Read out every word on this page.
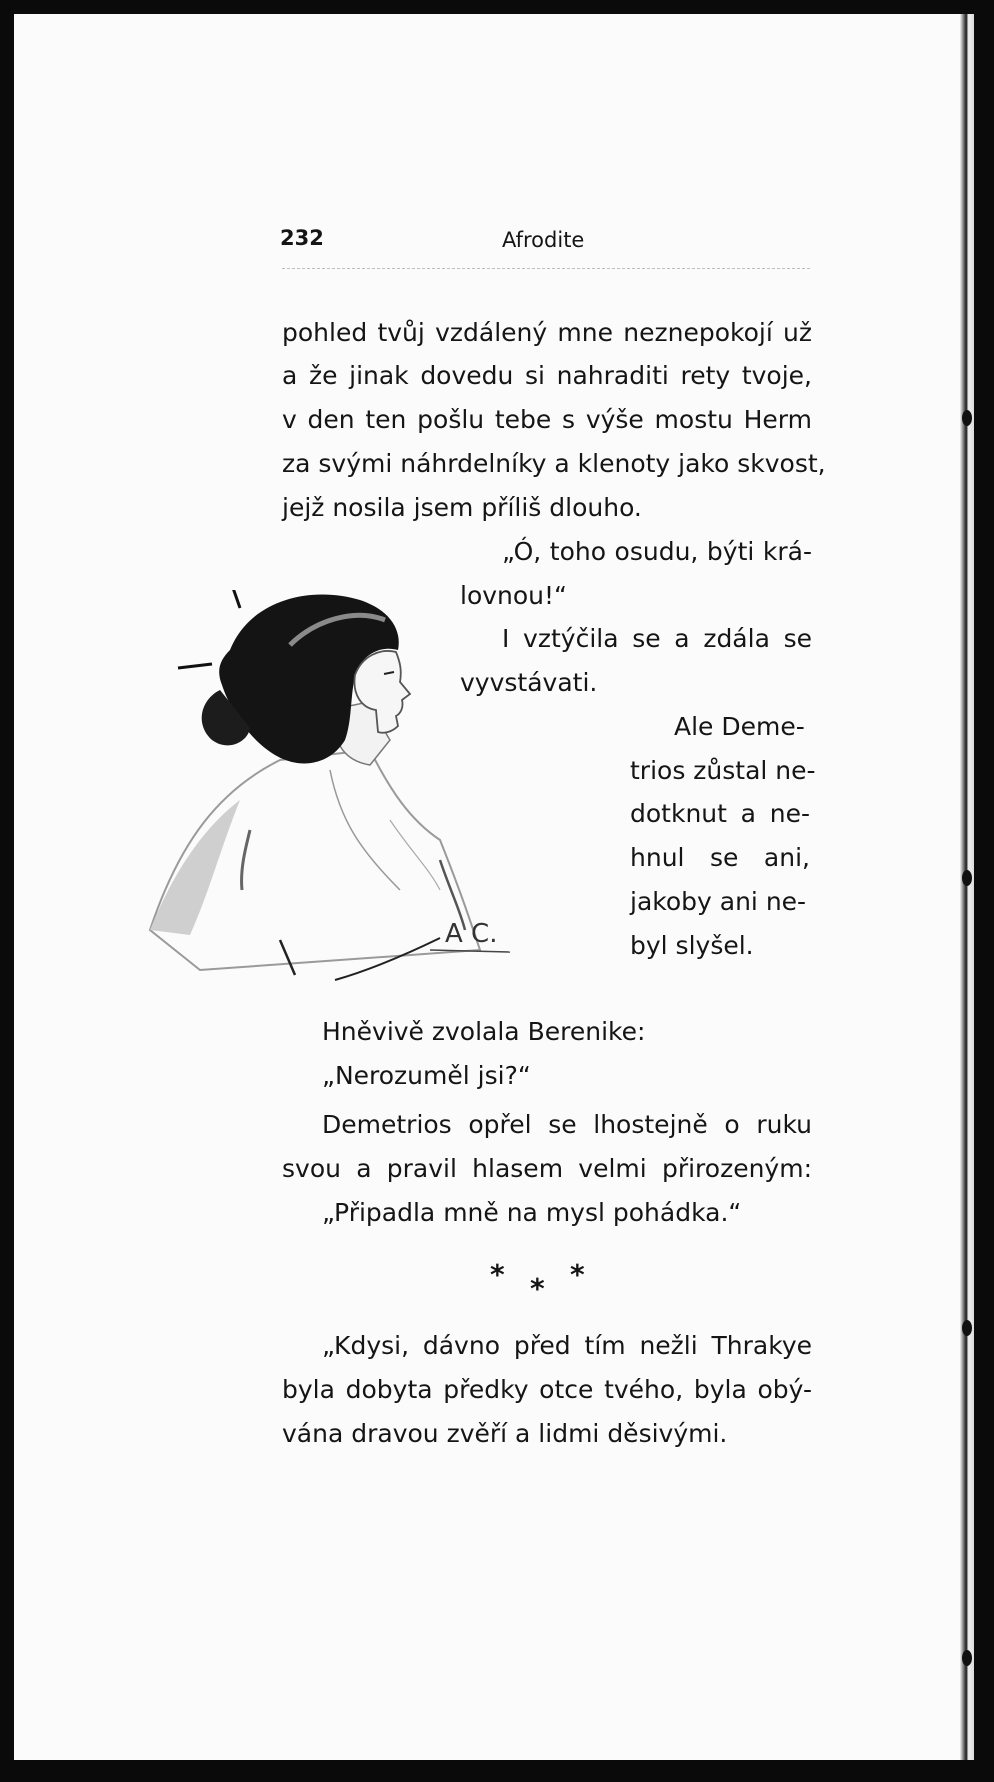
232	Afrodite
pohled tvůj vzdálený mne neznepokojí už
a že jinak dovedu si nahraditi rety tvoje,
v den ten pošlu tebe s výše mostu Herm
za svými náhrdelníky a klenoty jako skvost,
jejž nosila jsem příliš dlouho.
„Ó, toho osudu, býti krá-
lovnou!“
I vztýčila se a zdála se
vyvstávati.
Ale Deme-
trios zůstal ne-
dotknut a ne-
hnul se ani,
jakoby ani ne-
byl slyšel.
A C.
Hněvivě zvolala Berenike:
„Nerozuměl jsi?“
Demetrios opřel se lhostejně o ruku
svou a pravil hlasem velmi přirozeným:
„Připadla mně na mysl pohádka.“
* * *
„Kdysi, dávno před tím nežli Thrakye
byla dobyta předky otce tvého, byla obý-
vána dravou zvěří a lidmi děsivými.
